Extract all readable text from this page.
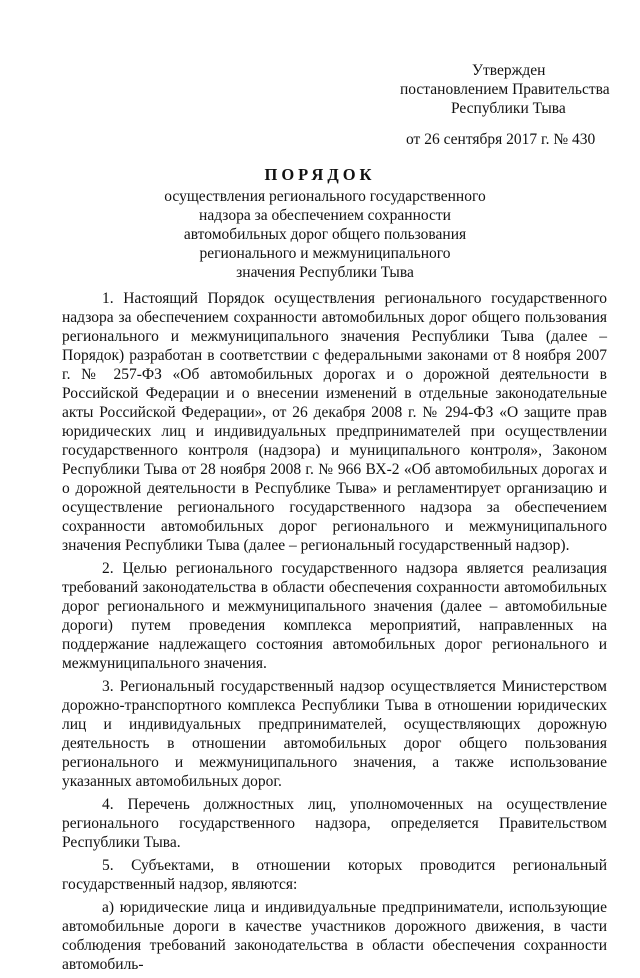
Утвержден
постановлением Правительства
Республики Тыва
от 26 сентября 2017 г. № 430
ПОРЯДОК
осуществления регионального государственного
надзора за обеспечением сохранности
автомобильных дорог общего пользования
регионального и межмуниципального
значения Республики Тыва

1. Настоящий Порядок осуществления регионального государственного надзора за обеспечением сохранности автомобильных дорог общего пользования регионального и межмуниципального значения Республики Тыва (далее – Порядок) разработан в соответствии с федеральными законами от 8 ноября 2007 г. № 257-ФЗ «Об автомобильных дорогах и о дорожной деятельности в Российской Федерации и о внесении изменений в отдельные законодательные акты Российской Федерации», от 26 декабря 2008 г. № 294-ФЗ «О защите прав юридических лиц и индивидуальных предпринимателей при осуществлении государственного контроля (надзора) и муниципального контроля», Законом Республики Тыва от 28 ноября 2008 г. № 966 ВХ-2 «Об автомобильных дорогах и о дорожной деятельности в Республике Тыва» и регламентирует организацию и осуществление регионального государственного надзора за обеспечением сохранности автомобильных дорог регионального и межмуниципального значения Республики Тыва (далее – региональный государственный надзор).

2. Целью регионального государственного надзора является реализация требований законодательства в области обеспечения сохранности автомобильных дорог регионального и межмуниципального значения (далее – автомобильные дороги) путем проведения комплекса мероприятий, направленных на поддержание надлежащего состояния автомобильных дорог регионального и межмуниципального значения.

3. Региональный государственный надзор осуществляется Министерством дорожно-транспортного комплекса Республики Тыва в отношении юридических лиц и индивидуальных предпринимателей, осуществляющих дорожную деятельность в отношении автомобильных дорог общего пользования регионального и межмуниципального значения, а также использование указанных автомобильных дорог.

4. Перечень должностных лиц, уполномоченных на осуществление регионального государственного надзора, определяется Правительством Республики Тыва.

5. Субъектами, в отношении которых проводится региональный государственный надзор, являются:

а) юридические лица и индивидуальные предприниматели, использующие автомобильные дороги в качестве участников дорожного движения, в части соблюдения требований законодательства в области обеспечения сохранности автомобиль-
